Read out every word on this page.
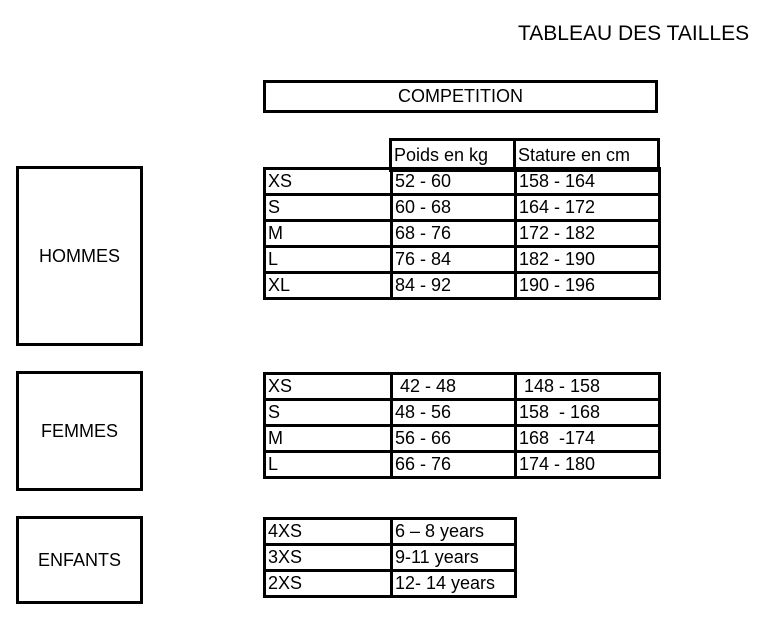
TABLEAU DES TAILLES
COMPETITION
Poids en kg	Stature en cm
HOMMES
XS	52 - 60	158 - 164
S	60 - 68	164 - 172
M	68 - 76	172 - 182
L	76 - 84	182 - 190
XL	84 - 92	190 - 196
FEMMES
XS	42 - 48	148 - 158
S	48 - 56	158  - 168
M	56 - 66	168  -174
L	66 - 76	174 - 180
ENFANTS
4XS	6 – 8 years
3XS	9-11 years
2XS	12- 14 years
